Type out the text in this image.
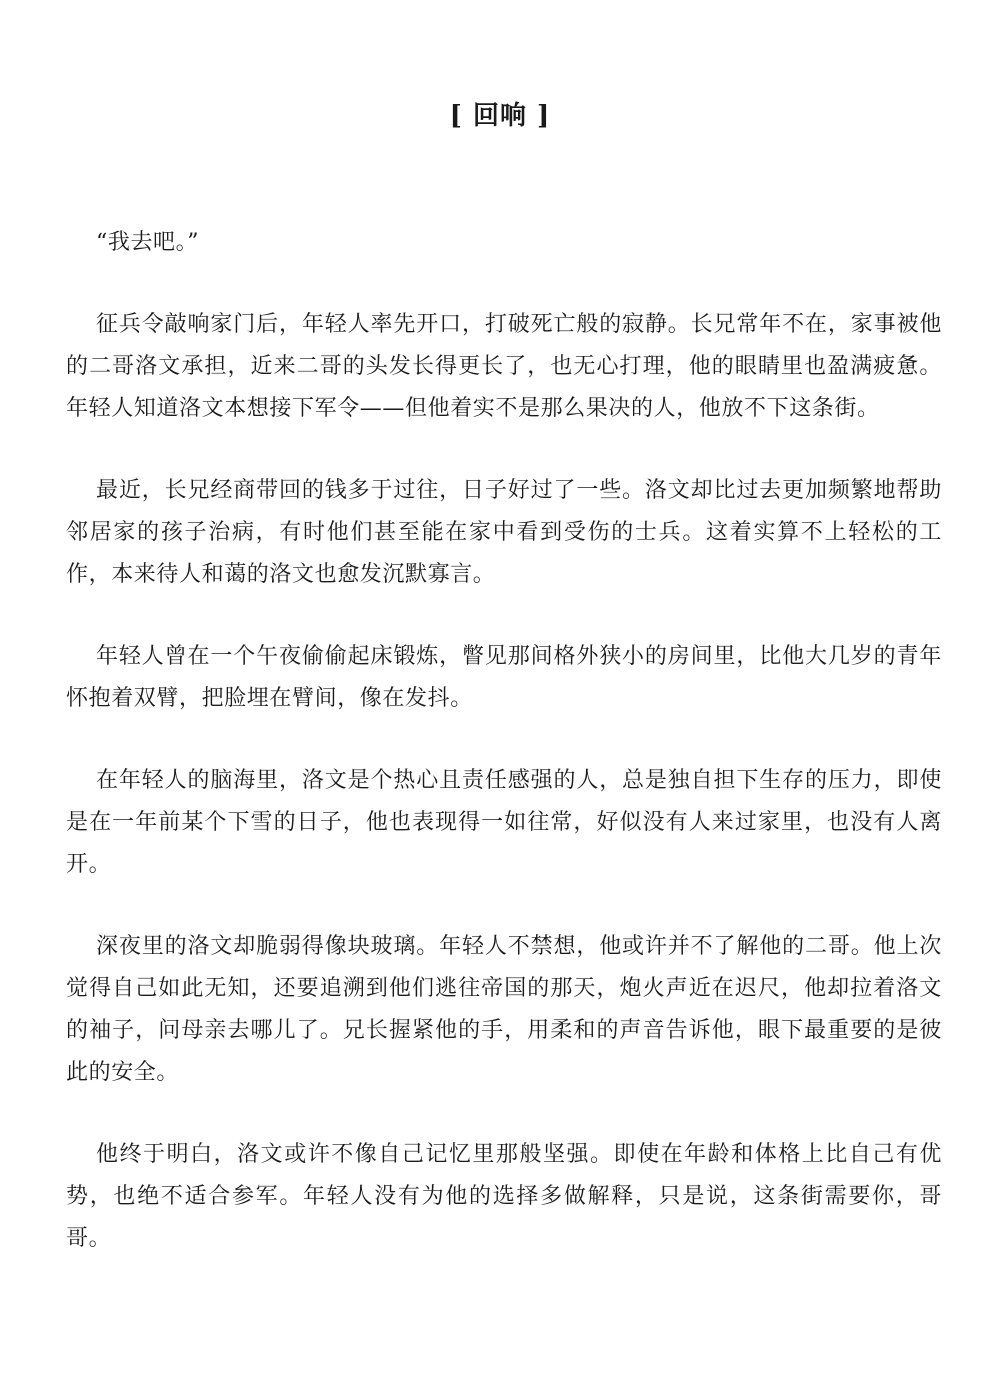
[ 回响 ]

“我去吧。”

征兵令敲响家门后，年轻人率先开口，打破死亡般的寂静。长兄常年不在，家事被他的二哥洛文承担，近来二哥的头发长得更长了，也无心打理，他的眼睛里也盈满疲惫。年轻人知道洛文本想接下军令——但他着实不是那么果决的人，他放不下这条街。

最近，长兄经商带回的钱多于过往，日子好过了一些。洛文却比过去更加频繁地帮助邻居家的孩子治病，有时他们甚至能在家中看到受伤的士兵。这着实算不上轻松的工作，本来待人和蔼的洛文也愈发沉默寡言。

年轻人曾在一个午夜偷偷起床锻炼，瞥见那间格外狭小的房间里，比他大几岁的青年怀抱着双臂，把脸埋在臂间，像在发抖。

在年轻人的脑海里，洛文是个热心且责任感强的人，总是独自担下生存的压力，即使是在一年前某个下雪的日子，他也表现得一如往常，好似没有人来过家里，也没有人离开。

深夜里的洛文却脆弱得像块玻璃。年轻人不禁想，他或许并不了解他的二哥。他上次觉得自己如此无知，还要追溯到他们逃往帝国的那天，炮火声近在迟尺，他却拉着洛文的袖子，问母亲去哪儿了。兄长握紧他的手，用柔和的声音告诉他，眼下最重要的是彼此的安全。

他终于明白，洛文或许不像自己记忆里那般坚强。即使在年龄和体格上比自己有优势，也绝不适合参军。年轻人没有为他的选择多做解释，只是说，这条街需要你，哥哥。
